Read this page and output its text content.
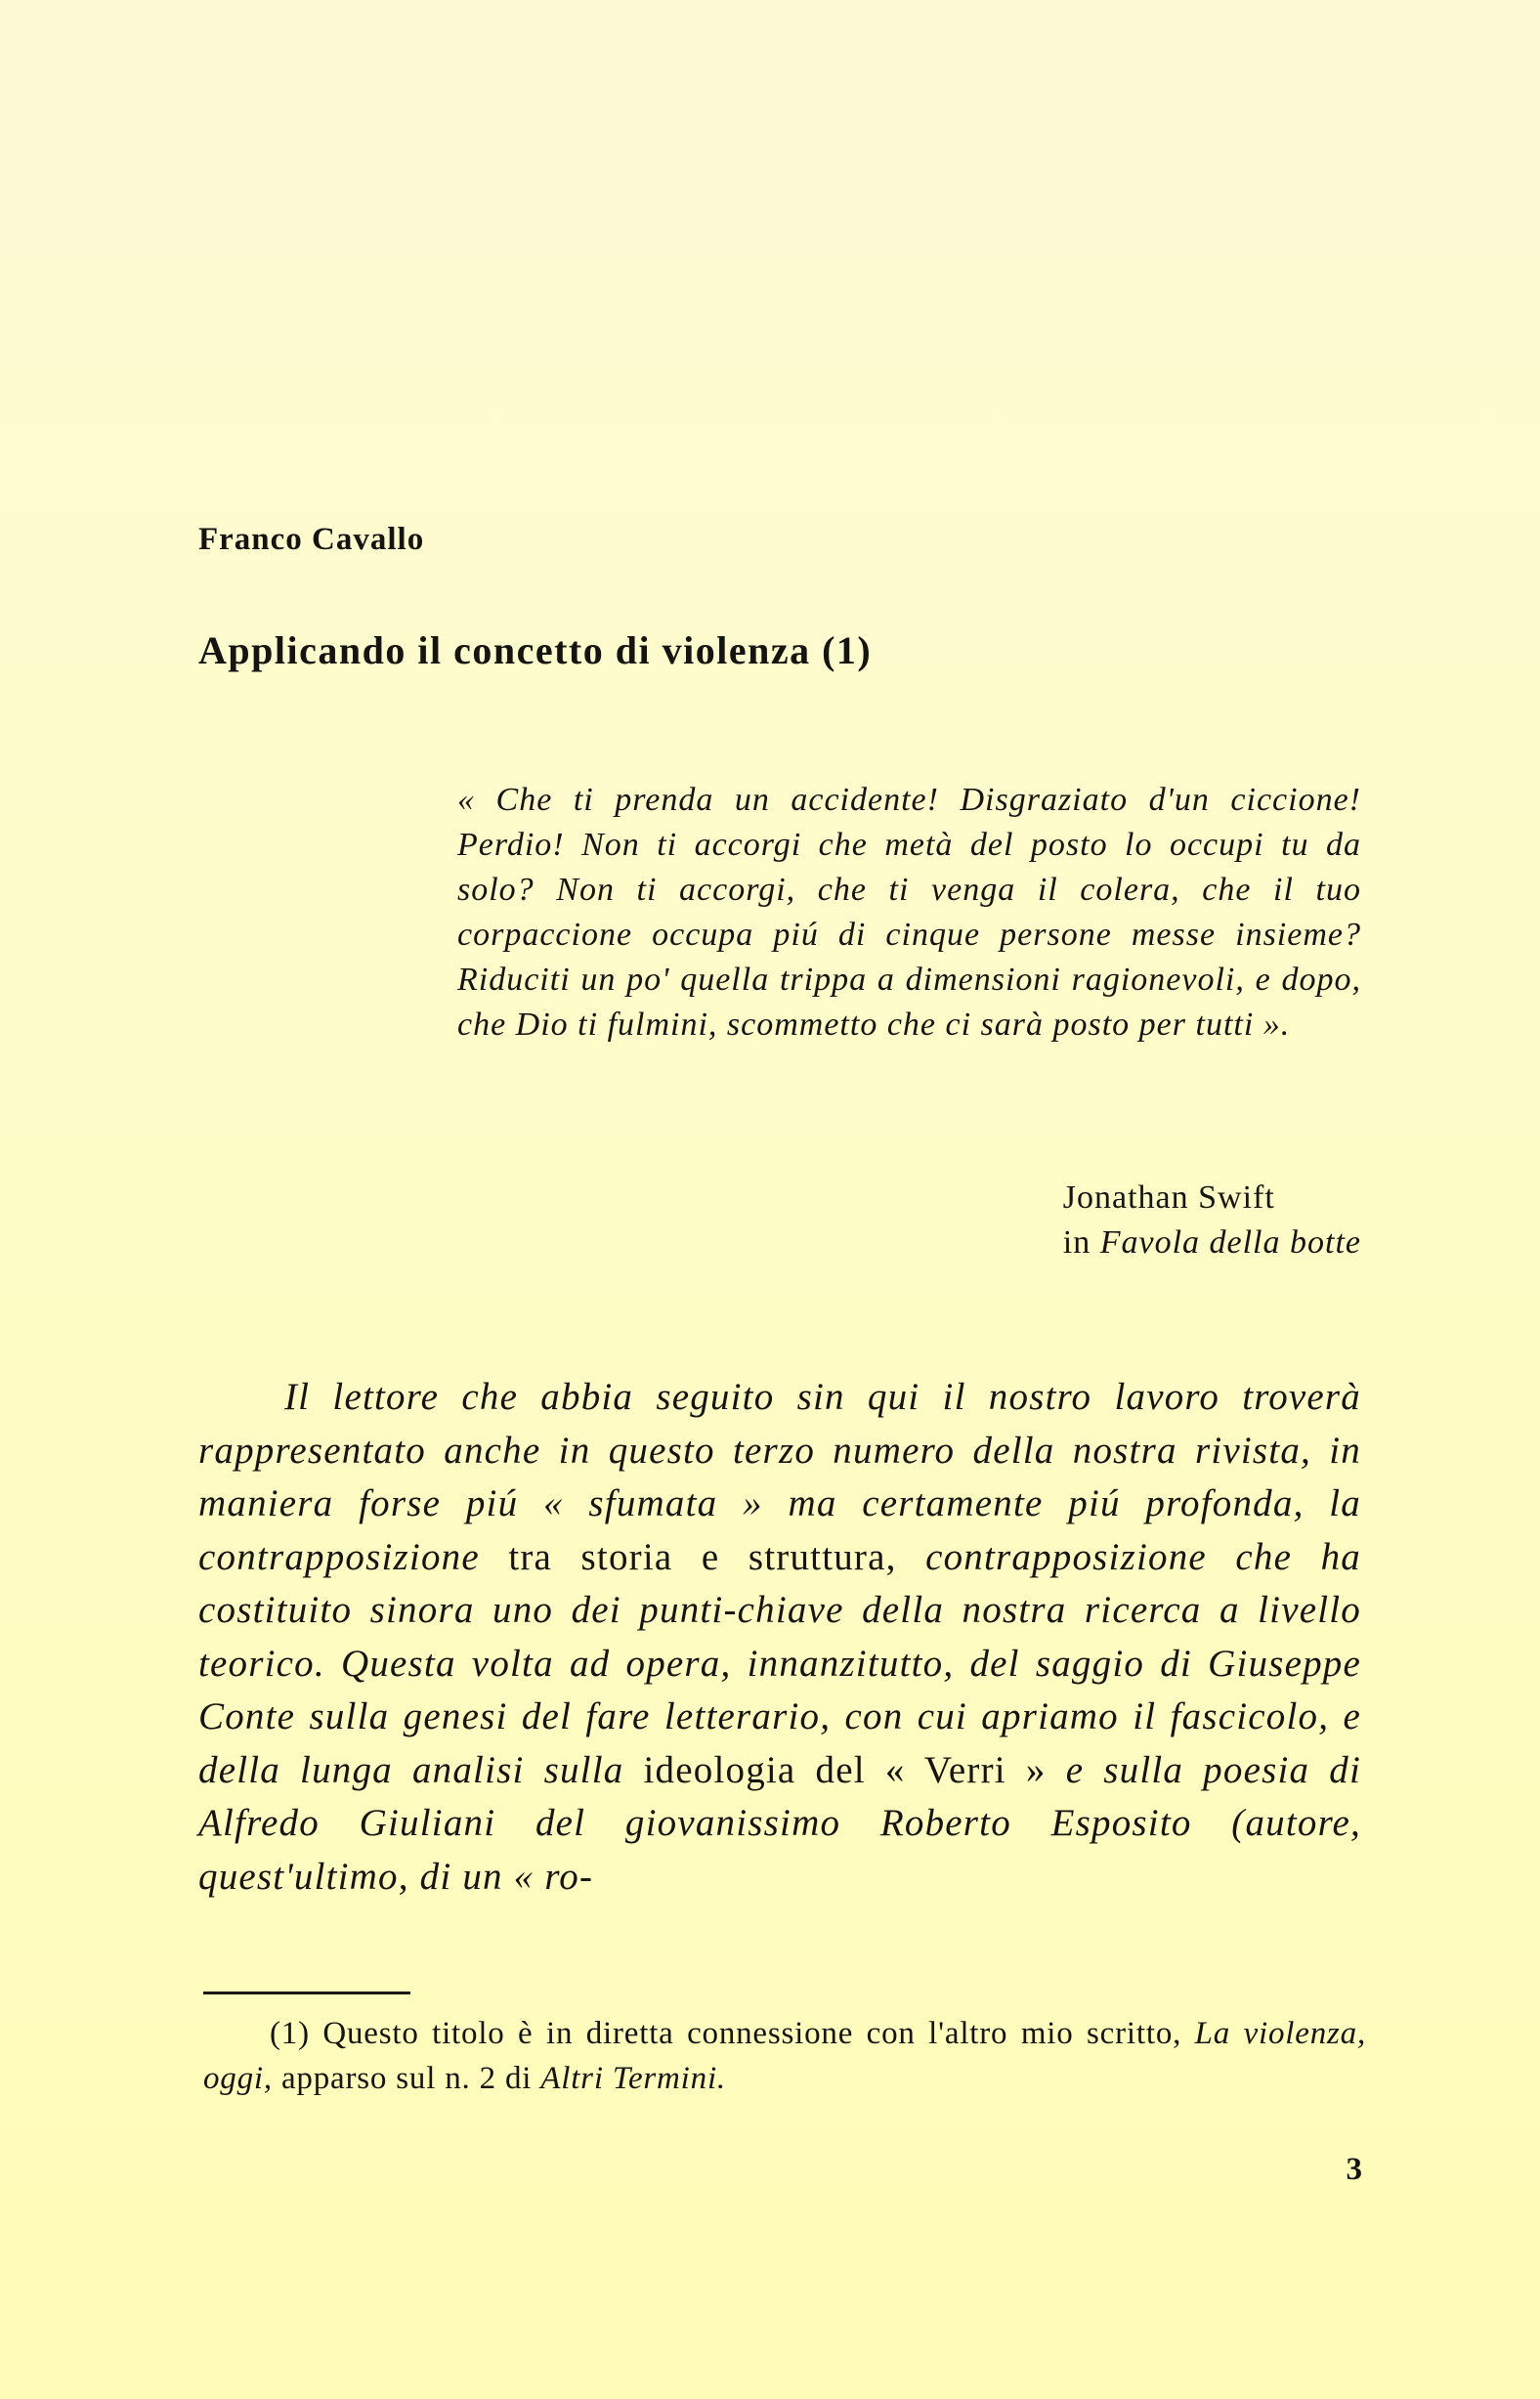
Franco Cavallo
Applicando il concetto di violenza (1)

« Che ti prenda un accidente! Disgraziato d'un ciccione! Perdio! Non ti accorgi che metà del posto lo occupi tu da solo? Non ti accorgi, che ti venga il colera, che il tuo corpaccione occupa piú di cinque persone messe insieme? Riduciti un po' quella trippa a dimensioni ragionevoli, e dopo, che Dio ti fulmini, scommetto che ci sarà posto per tutti ».

Jonathan Swift
in Favola della botte

Il lettore che abbia seguito sin qui il nostro lavoro troverà rappresentato anche in questo terzo numero della nostra rivista, in maniera forse piú « sfumata » ma certamente piú profonda, la contrapposizione tra storia e struttura, contrapposizione che ha costituito sinora uno dei punti-chiave della nostra ricerca a livello teorico. Questa volta ad opera, innanzitutto, del saggio di Giuseppe Conte sulla genesi del fare letterario, con cui apriamo il fascicolo, e della lunga analisi sulla ideologia del « Verri » e sulla poesia di Alfredo Giuliani del giovanissimo Roberto Esposito (autore, quest'ultimo, di un « ro-

(1) Questo titolo è in diretta connessione con l'altro mio scritto, La violenza, oggi, apparso sul n. 2 di Altri Termini.

3
